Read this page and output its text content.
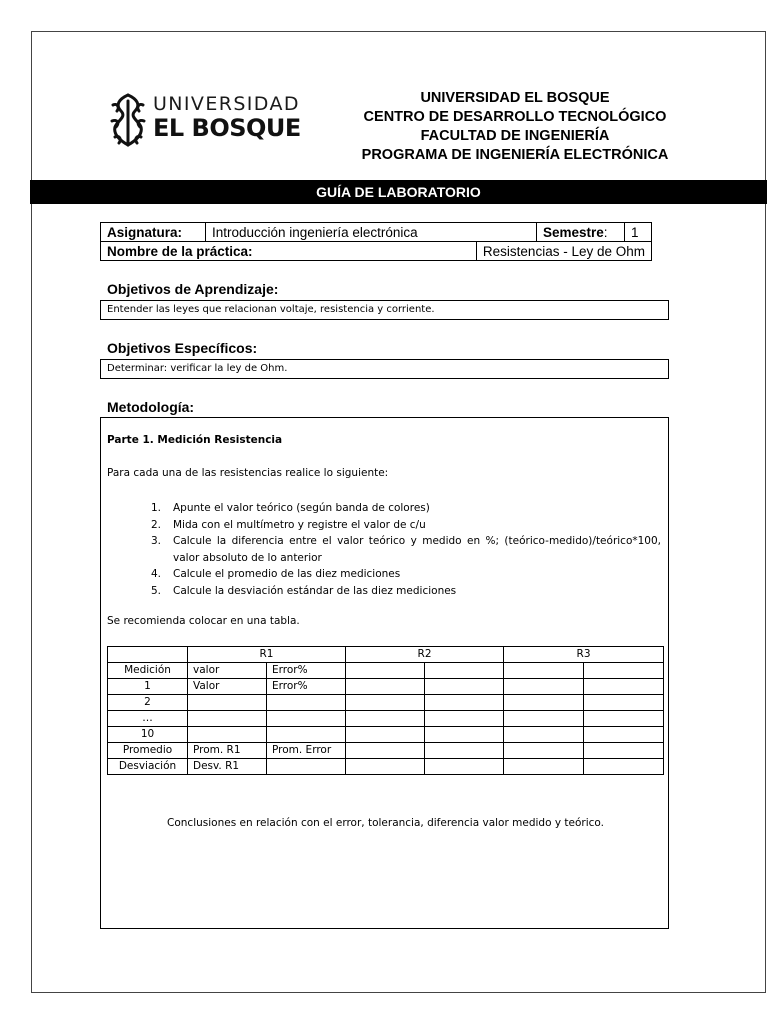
UNIVERSIDAD
EL BOSQUE
UNIVERSIDAD EL BOSQUE
CENTRO DE DESARROLLO TECNOLÓGICO
FACULTAD DE INGENIERÍA
PROGRAMA DE INGENIERÍA ELECTRÓNICA
GUÍA DE LABORATORIO
Asignatura:	Introducción ingeniería electrónica		Semestre:	1
Nombre de la práctica:		Resistencias - Ley de Ohm		
Objetivos de Aprendizaje:
Entender las leyes que relacionan voltaje, resistencia y corriente.
Objetivos Específicos:
Determinar: verificar la ley de Ohm.
Metodología:
Parte 1. Medición Resistencia
Para cada una de las resistencias realice lo siguiente:
1. Apunte el valor teórico (según banda de colores)
2. Mida con el multímetro y registre el valor de c/u
3. Calcule la diferencia entre el valor teórico y medido en %; (teórico-medido)/teórico*100, valor absoluto de lo anterior
4. Calcule el promedio de las diez mediciones
5. Calcule la desviación estándar de las diez mediciones
Se recomienda colocar en una tabla.
	R1		R2		R3	
Medición	valor	Error%				
1	Valor	Error%				
2						
…						
10						
Promedio	Prom. R1	Prom. Error				
Desviación	Desv. R1					
Conclusiones en relación con el error, tolerancia, diferencia valor medido y teórico.
